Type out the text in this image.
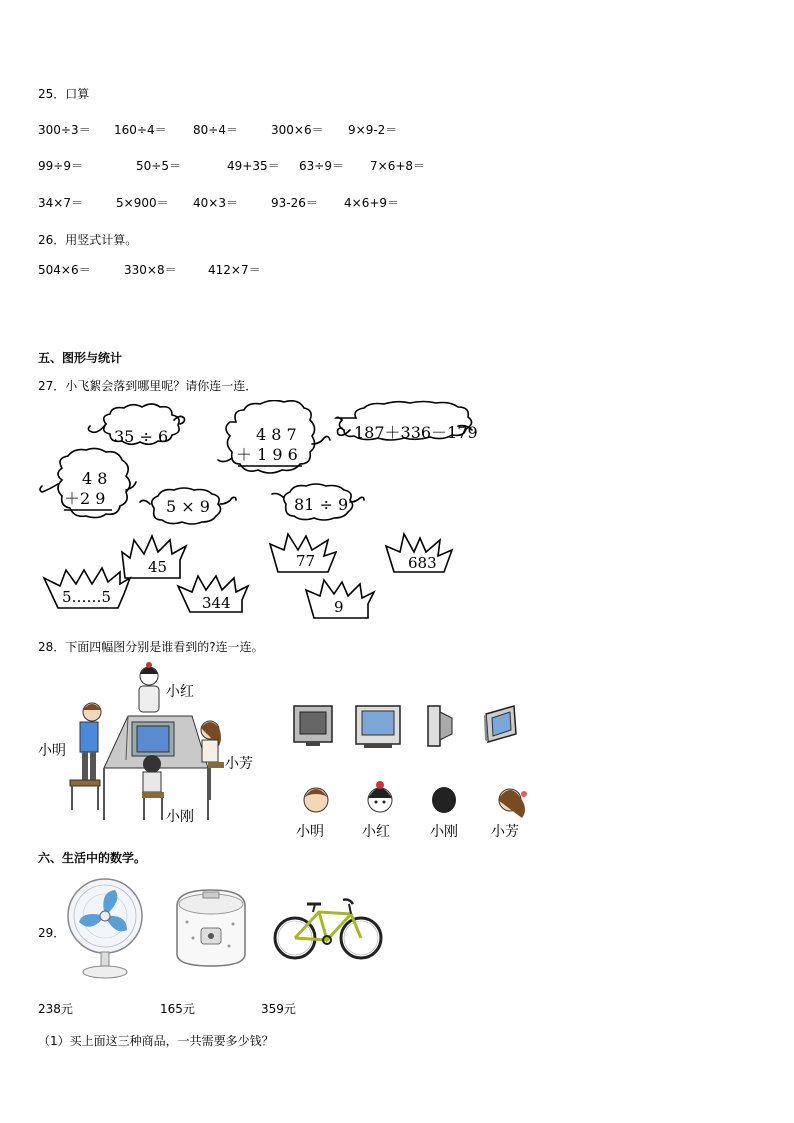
25．口算
300÷3＝ 160÷4＝ 80÷4＝	300×6＝ 9×9-2＝
99÷9＝	50÷5＝	49+35＝ 63÷9＝ 7×6+8＝
34×7＝	5×900＝ 40×3＝	93-26＝ 4×6+9＝
26．用竖式计算。
504×6＝	330×8＝	412×7＝
五、图形与统计
27．小飞絮会落到哪里呢？请你连一连．
35 ÷ 6	4 8 7
＋ 1 9 6
187＋336－179
4 8
＋2 9	5 × 9	81 ÷ 9
45	77	683
5……5	344	9
28．下面四幅图分别是谁看到的?连一连。
小红
小明
小芳
小刚
小明	小红	小刚 小芳
六、生活中的数学。
29．
238元	165元	359元
（1）买上面这三种商品，一共需要多少钱？
